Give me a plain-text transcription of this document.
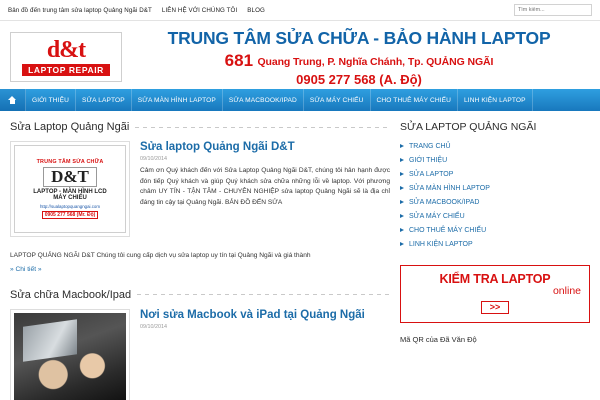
Bản đồ đến trung tâm sửa laptop Quảng Ngãi D&T LIÊN HỆ VỚI CHÚNG TÔI BLOG
Tìm kiếm...
d&t
LAPTOP REPAIR
TRUNG TÂM SỬA CHỮA - BẢO HÀNH LAPTOP
681 Quang Trung, P. Nghĩa Chánh, Tp. QUẢNG NGÃI
0905 277 568 (A. Độ)
GIỚI THIỆU	SỬA LAPTOP	SỬA MÀN HÌNH LAPTOP	SỬA MACBOOK/IPAD	SỬA MÁY CHIẾU	CHO THUÊ MÁY CHIẾU	LINH KIỆN LAPTOP
Sửa Laptop Quảng Ngãi
TRUNG TÂM SỬA CHỮA
D&T
LAPTOP - MÀN HÌNH LCD
MÁY CHIẾU
http://sualaptopquangngai.com
0905 277 568 (Mr. Độ)
Sửa laptop Quảng Ngãi D&T
09/10/2014
Cảm ơn Quý khách đến với Sửa Laptop Quảng Ngãi D&T, chúng tôi hân hạnh được đón tiếp Quý khách và giúp Quý khách sửa chữa những lỗi về laptop. Với phương châm UY TÍN - TẬN TÂM - CHUYÊN NGHIỆP sửa laptop Quảng Ngãi sẽ là địa chỉ đáng tin cậy tại Quảng Ngãi. BẢN ĐỒ ĐẾN SỬA
LAPTOP QUẢNG NGÃI D&T Chúng tôi cung cấp dịch vụ sửa laptop uy tín tại Quảng Ngãi và giá thành
» Chi tiết »
Sửa chữa Macbook/Ipad
Nơi sửa Macbook và iPad tại Quảng Ngãi
09/10/2014
SỬA LAPTOP QUẢNG NGÃI
TRANG CHỦ
GIỚI THIỆU
SỬA LAPTOP
SỬA MÀN HÌNH LAPTOP
SỬA MACBOOK/IPAD
SỬA MÁY CHIẾU
CHO THUÊ MÁY CHIẾU
LINH KIỆN LAPTOP
KIỂM TRA LAPTOP
online
>>
Mã QR của Đã Văn Độ
